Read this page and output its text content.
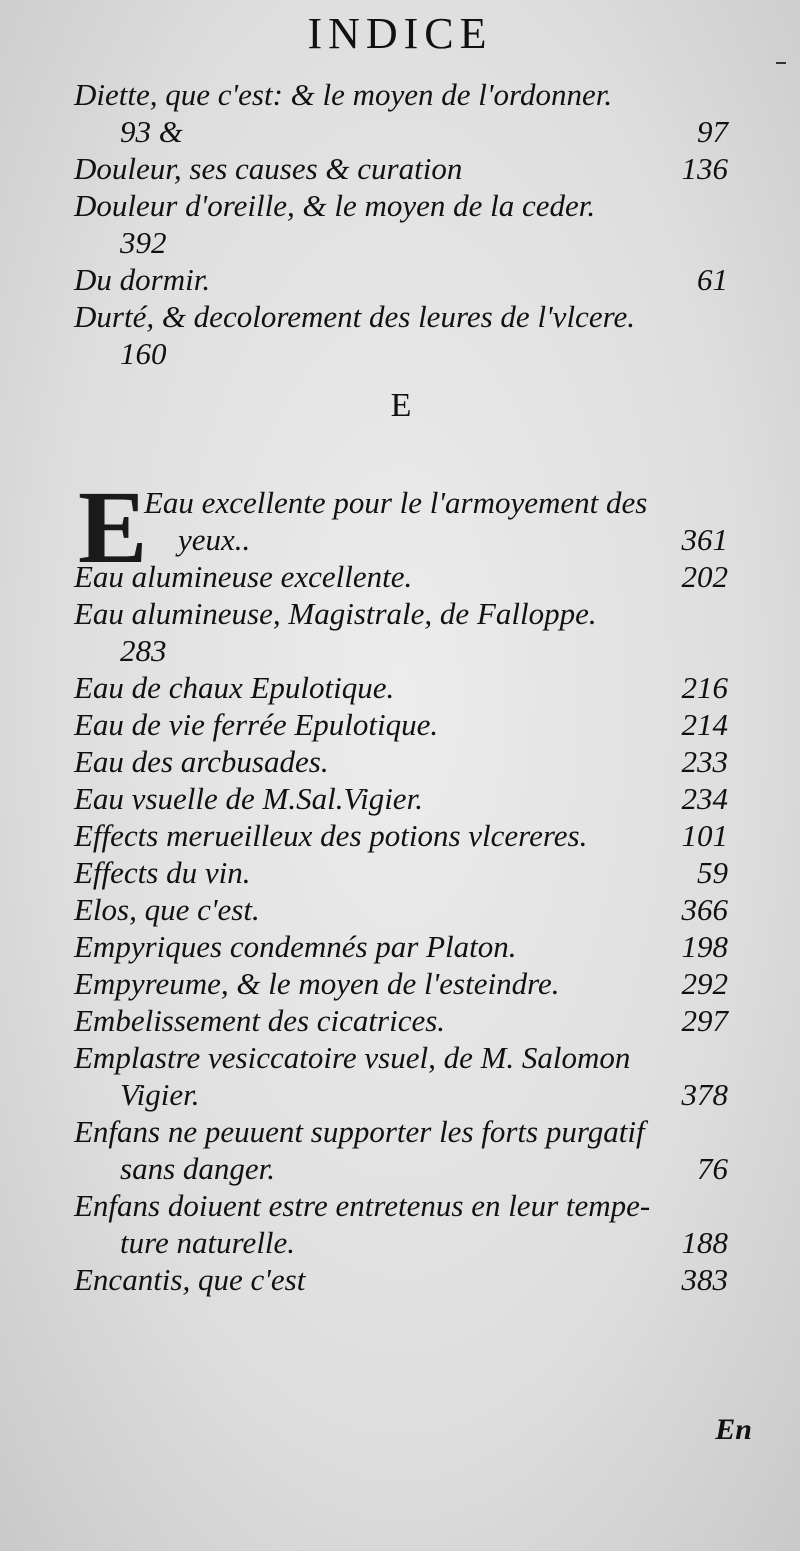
INDICE
Diette, que c'est: & le moyen de l'ordonner.
93 &	97
Douleur, ses causes & curation	136
Douleur d'oreille, & le moyen de la ceder.
392
Du dormir.	61
Durté, & decolorement des leures de l'vlcere.
160
E
E
Eau excellente pour le l'armoyement des
yeux..	361
Eau alumineuse excellente.	202
Eau alumineuse, Magistrale, de Falloppe.
283
Eau de chaux Epulotique.	216
Eau de vie ferrée Epulotique.	214
Eau des arcbusades.	233
Eau vsuelle de M.Sal.Vigier.	234
Effects merueilleux des potions vlcereres.	101
Effects du vin.	59
Elos, que c'est.	366
Empyriques condemnés par Platon.	198
Empyreume, & le moyen de l'esteindre.	292
Embelissement des cicatrices.	297
Emplastre vesiccatoire vsuel, de M. Salomon
Vigier.	378
Enfans ne peuuent supporter les forts purgatif
sans danger.	76
Enfans doiuent estre entretenus en leur tempe-
ture naturelle.	188
Encantis, que c'est	383
En
